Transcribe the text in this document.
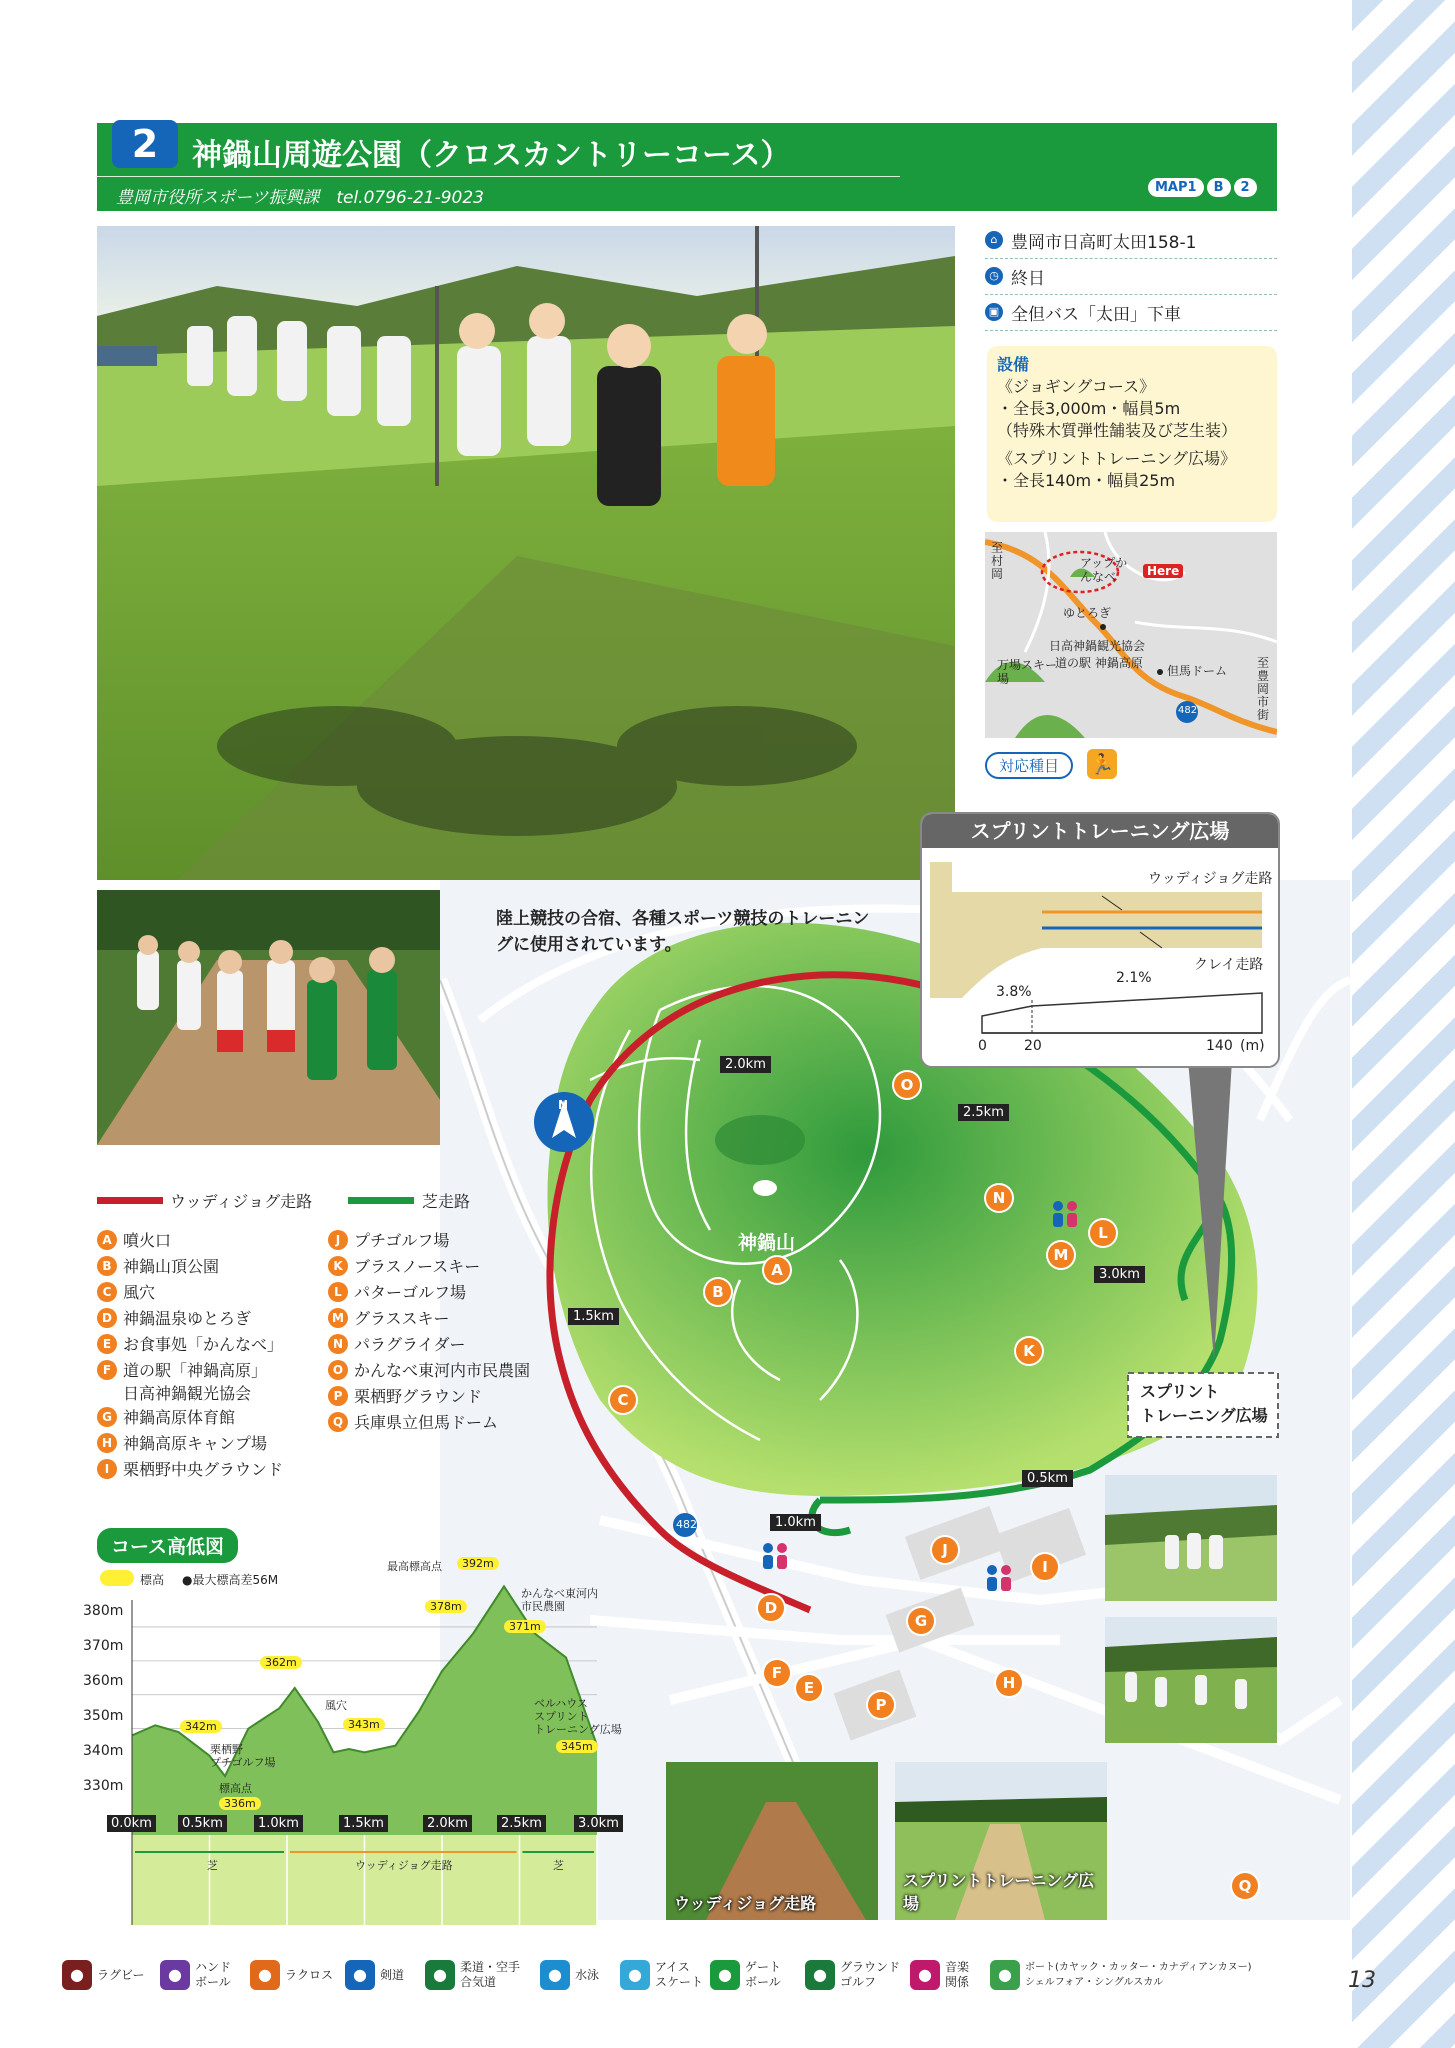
2	神鍋山周遊公園（クロスカントリーコース）
豊岡市役所スポーツ振興課　tel.0796-21-9023
MAP1	B	2
⌂ 豊岡市日高町太田158-1
◷ 終日
▣ 全但バス「太田」下車
設備
《ジョギングコース》
・全長3,000m・幅員5m
（特殊木質弾性舗装及び芝生装）
《スプリントトレーニング広場》
・全長140m・幅員25m
至村岡
アップかんなべ	Here
ゆとろぎ
日高神鍋観光協会
道の駅 神鍋高原
但馬ドーム
万場スキー場
至豊岡市街
482
対応種目	🏃
N
神鍋山
482
スプリント
トレーニング広場
2.0km
2.5km
1.5km
3.0km
0.5km
1.0km
A
B
C
D
E
F
G
H
I
J
K
L
M
N
O
P
Q
陸上競技の合宿、各種スポーツ競技のトレーニン
グに使用されています。
スプリントトレーニング広場
ウッディジョグ走路
クレイ走路
3.8%
2.1%
0	20	140 (m)
ウッディジョグ走路
スプリントトレーニング広場
ウッディジョグ走路	芝走路
A 噴火口
B 神鍋山頂公園
C 風穴
D 神鍋温泉ゆとろぎ
E お食事処「かんなべ」
F 道の駅「神鍋高原」
日高神鍋観光協会
G 神鍋高原体育館
H 神鍋高原キャンプ場
I 栗栖野中央グラウンド
J プチゴルフ場
K ブラスノースキー
L パターゴルフ場
M グラススキー
N パラグライダー
O かんなべ東河内市民農園
P 栗栖野グラウンド
Q 兵庫県立但馬ドーム
コース高低図
標高 ●最大標高差56M
380m
370m
360m
350m
340m
330m
0.0km	0.5km	1.0km	1.5km	2.0km	2.5km	3.0km
392m
最高標高点
378m
371m
362m
342m	343m
345m
336m
栗栖野
プチゴルフ場
標高点
風穴
かんなべ東河内
市民農園
ベルハウス
スプリント
トレーニング広場
芝	ウッディジョグ走路	芝
●	ラグビー	●	ハンド
ボール	●	ラクロス	●	剣道	●	柔道・空手
合気道	●	水泳	●	アイス
スケート ●	ゲート
ボール	●	グラウンド
ゴルフ	●	音楽
関係	●	ボート(カヤック・カッター・カナディアンカヌー)
シェルフォア・シングルスカル	13
